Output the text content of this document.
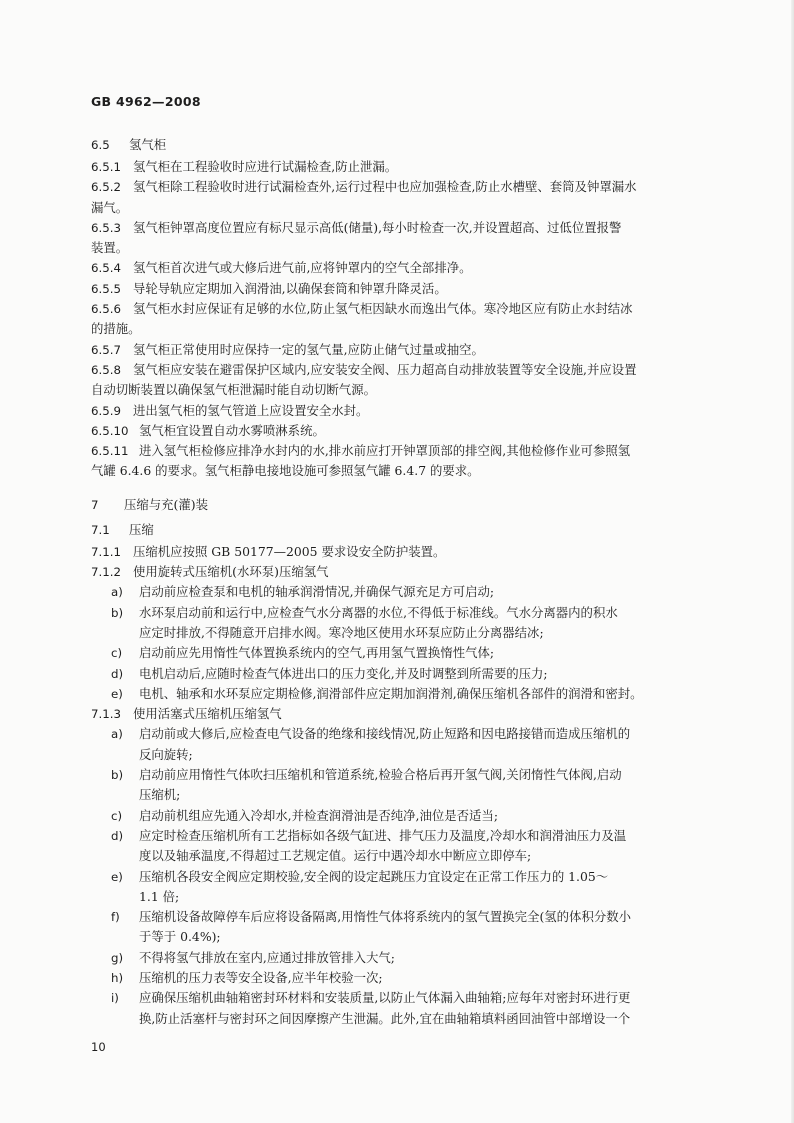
GB 4962—2008
6.5 氢气柜
6.5.1 氢气柜在工程验收时应进行试漏检查,防止泄漏。
6.5.2 氢气柜除工程验收时进行试漏检查外,运行过程中也应加强检查,防止水槽壁、套筒及钟罩漏水
漏气。
6.5.3 氢气柜钟罩高度位置应有标尺显示高低(储量),每小时检查一次,并设置超高、过低位置报警
装置。
6.5.4 氢气柜首次进气或大修后进气前,应将钟罩内的空气全部排净。
6.5.5 导轮导轨应定期加入润滑油,以确保套筒和钟罩升降灵活。
6.5.6 氢气柜水封应保证有足够的水位,防止氢气柜因缺水而逸出气体。寒冷地区应有防止水封结冰
的措施。
6.5.7 氢气柜正常使用时应保持一定的氢气量,应防止储气过量或抽空。
6.5.8 氢气柜应安装在避雷保护区域内,应安装安全阀、压力超高自动排放装置等安全设施,并应设置
自动切断装置以确保氢气柜泄漏时能自动切断气源。
6.5.9 进出氢气柜的氢气管道上应设置安全水封。
6.5.10 氢气柜宜设置自动水雾喷淋系统。
6.5.11 进入氢气柜检修应排净水封内的水,排水前应打开钟罩顶部的排空阀,其他检修作业可参照氢
气罐 6.4.6 的要求。氢气柜静电接地设施可参照氢气罐 6.4.7 的要求。
7 压缩与充(灌)装
7.1 压缩
7.1.1 压缩机应按照 GB 50177—2005 要求设安全防护装置。
7.1.2 使用旋转式压缩机(水环泵)压缩氢气
a) 启动前应检查泵和电机的轴承润滑情况,并确保气源充足方可启动;
b) 水环泵启动前和运行中,应检查气水分离器的水位,不得低于标准线。气水分离器内的积水
应定时排放,不得随意开启排水阀。寒冷地区使用水环泵应防止分离器结冰;
c) 启动前应先用惰性气体置换系统内的空气,再用氢气置换惰性气体;
d) 电机启动后,应随时检查气体进出口的压力变化,并及时调整到所需要的压力;
e) 电机、轴承和水环泵应定期检修,润滑部件应定期加润滑剂,确保压缩机各部件的润滑和密封。
7.1.3 使用活塞式压缩机压缩氢气
a) 启动前或大修后,应检查电气设备的绝缘和接线情况,防止短路和因电路接错而造成压缩机的
反向旋转;
b) 启动前应用惰性气体吹扫压缩机和管道系统,检验合格后再开氢气阀,关闭惰性气体阀,启动
压缩机;
c) 启动前机组应先通入冷却水,并检查润滑油是否纯净,油位是否适当;
d) 应定时检查压缩机所有工艺指标如各级气缸进、排气压力及温度,冷却水和润滑油压力及温
度以及轴承温度,不得超过工艺规定值。运行中遇冷却水中断应立即停车;
e) 压缩机各段安全阀应定期校验,安全阀的设定起跳压力宜设定在正常工作压力的 1.05～
1.1 倍;
f) 压缩机设备故障停车后应将设备隔离,用惰性气体将系统内的氢气置换完全(氢的体积分数小
于等于 0.4%);
g) 不得将氢气排放在室内,应通过排放管排入大气;
h) 压缩机的压力表等安全设备,应半年校验一次;
i) 应确保压缩机曲轴箱密封环材料和安装质量,以防止气体漏入曲轴箱;应每年对密封环进行更
换,防止活塞杆与密封环之间因摩擦产生泄漏。此外,宜在曲轴箱填料函回油管中部增设一个
10
